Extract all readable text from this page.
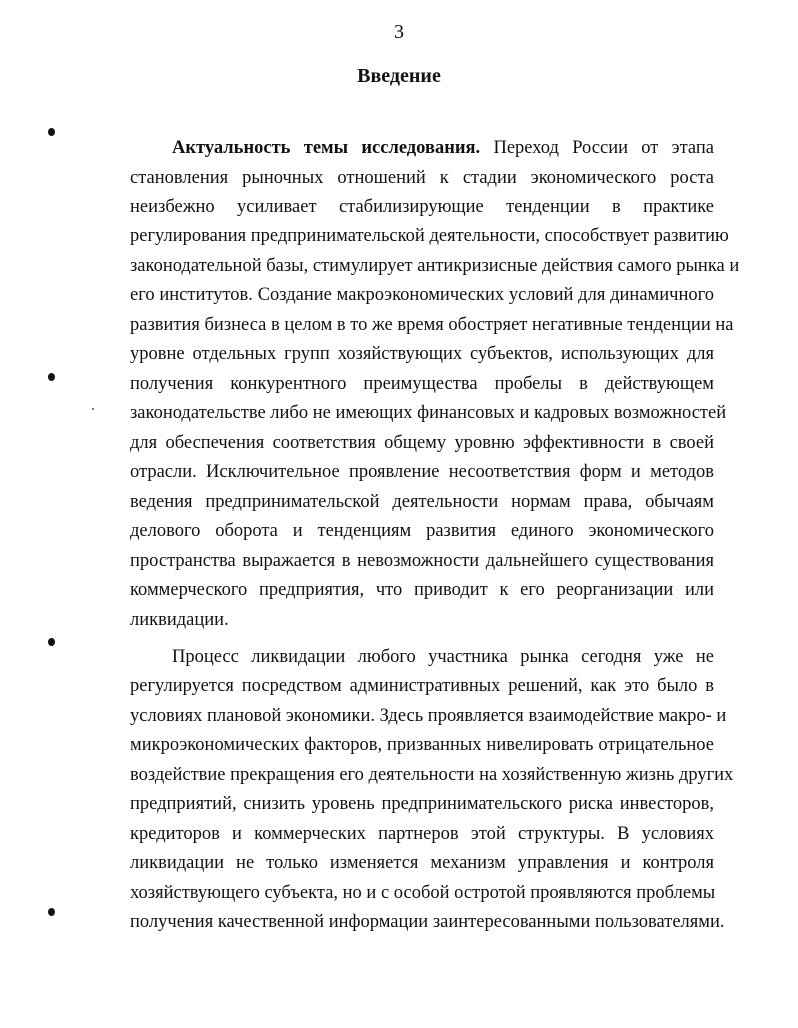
3
Введение
Актуальность темы исследования. Переход России от этапа
становления рыночных отношений к стадии экономического роста
неизбежно усиливает стабилизирующие тенденции в практике
регулирования предпринимательской деятельности, способствует развитию
законодательной базы, стимулирует антикризисные действия самого рынка и
его институтов. Создание макроэкономических условий для динамичного
развития бизнеса в целом в то же время обостряет негативные тенденции на
уровне отдельных групп хозяйствующих субъектов, использующих для
получения конкурентного преимущества пробелы в действующем
законодательстве либо не имеющих финансовых и кадровых возможностей
для обеспечения соответствия общему уровню эффективности в своей
отрасли. Исключительное проявление несоответствия форм и методов
ведения предпринимательской деятельности нормам права, обычаям
делового оборота и тенденциям развития единого экономического
пространства выражается в невозможности дальнейшего существования
коммерческого предприятия, что приводит к его реорганизации или
ликвидации.
Процесс ликвидации любого участника рынка сегодня уже не
регулируется посредством административных решений, как это было в
условиях плановой экономики. Здесь проявляется взаимодействие макро- и
микроэкономических факторов, призванных нивелировать отрицательное
воздействие прекращения его деятельности на хозяйственную жизнь других
предприятий, снизить уровень предпринимательского риска инвесторов,
кредиторов и коммерческих партнеров этой структуры. В условиях
ликвидации не только изменяется механизм управления и контроля
хозяйствующего субъекта, но и с особой остротой проявляются проблемы
получения качественной информации заинтересованными пользователями.
